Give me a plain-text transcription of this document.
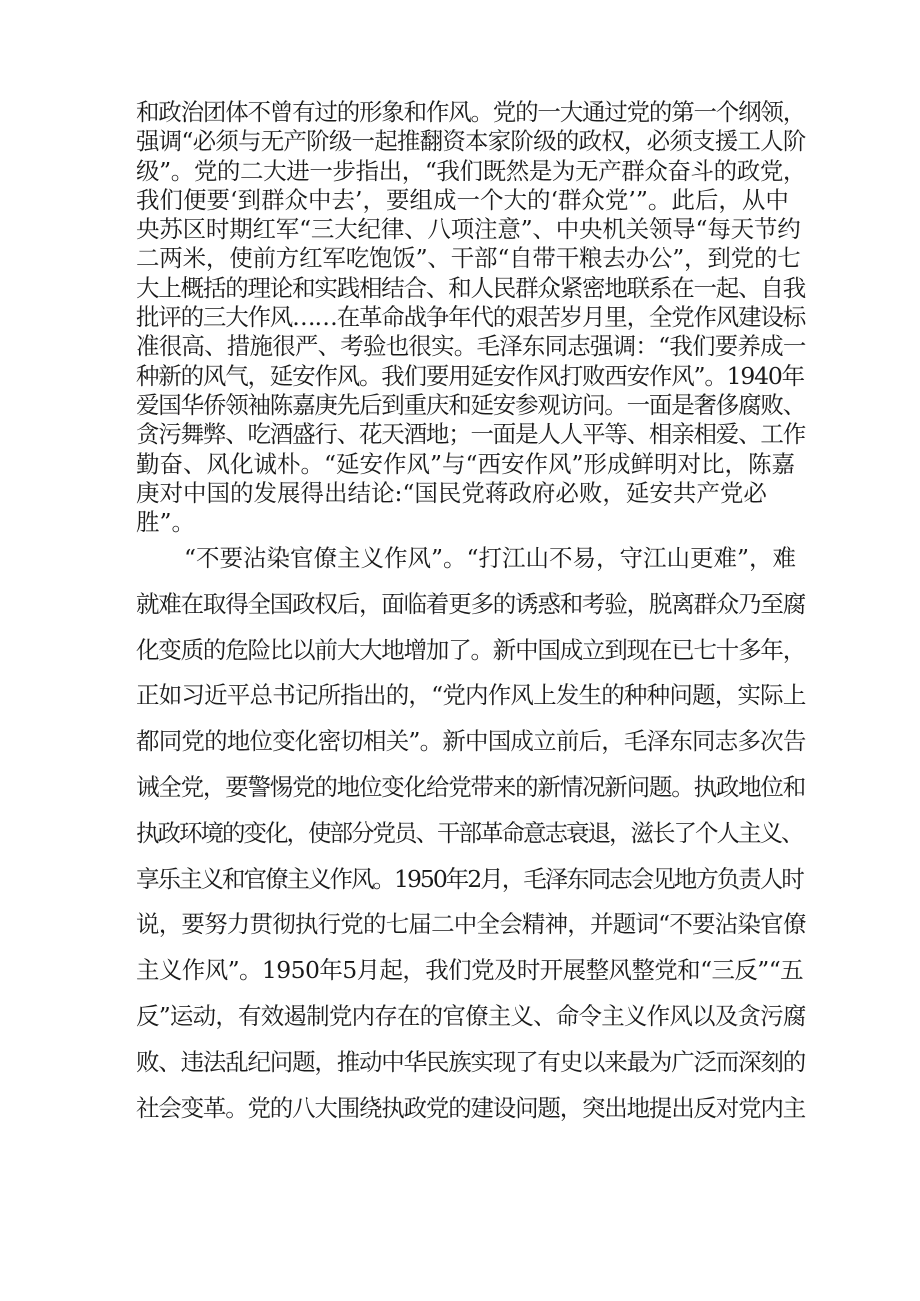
和政治团体不曾有过的形象和作风。党的一大通过党的第一个纲领，
强调“必须与无产阶级一起推翻资本家阶级的政权，必须支援工人阶
级”。党的二大进一步指出，“我们既然是为无产群众奋斗的政党，
我们便要‘到群众中去’，要组成一个大的‘群众党’”。此后，从中
央苏区时期红军“三大纪律、八项注意”、中央机关领导“每天节约
二两米，使前方红军吃饱饭”、干部“自带干粮去办公”，到党的七
大上概括的理论和实践相结合、和人民群众紧密地联系在一起、自我
批评的三大作风……在革命战争年代的艰苦岁月里，全党作风建设标
准很高、措施很严、考验也很实。毛泽东同志强调：“我们要养成一
种新的风气，延安作风。我们要用延安作风打败西安作风”。1940年
爱国华侨领袖陈嘉庚先后到重庆和延安参观访问。一面是奢侈腐败、
贪污舞弊、吃酒盛行、花天酒地；一面是人人平等、相亲相爱、工作
勤奋、风化诚朴。“延安作风”与“西安作风”形成鲜明对比，陈嘉
庚对中国的发展得出结论:“国民党蒋政府必败，延安共产党必
胜”。
“不要沾染官僚主义作风”。“打江山不易，守江山更难”，难
就难在取得全国政权后，面临着更多的诱惑和考验，脱离群众乃至腐
化变质的危险比以前大大地增加了。新中国成立到现在已七十多年，
正如习近平总书记所指出的，“党内作风上发生的种种问题，实际上
都同党的地位变化密切相关”。新中国成立前后，毛泽东同志多次告
诫全党，要警惕党的地位变化给党带来的新情况新问题。执政地位和
执政环境的变化，使部分党员、干部革命意志衰退，滋长了个人主义、
享乐主义和官僚主义作风。1950年2月，毛泽东同志会见地方负责人时
说，要努力贯彻执行党的七届二中全会精神，并题词“不要沾染官僚
主义作风”。1950年5月起，我们党及时开展整风整党和“三反”“五
反”运动，有效遏制党内存在的官僚主义、命令主义作风以及贪污腐
败、违法乱纪问题，推动中华民族实现了有史以来最为广泛而深刻的
社会变革。党的八大围绕执政党的建设问题，突出地提出反对党内主
